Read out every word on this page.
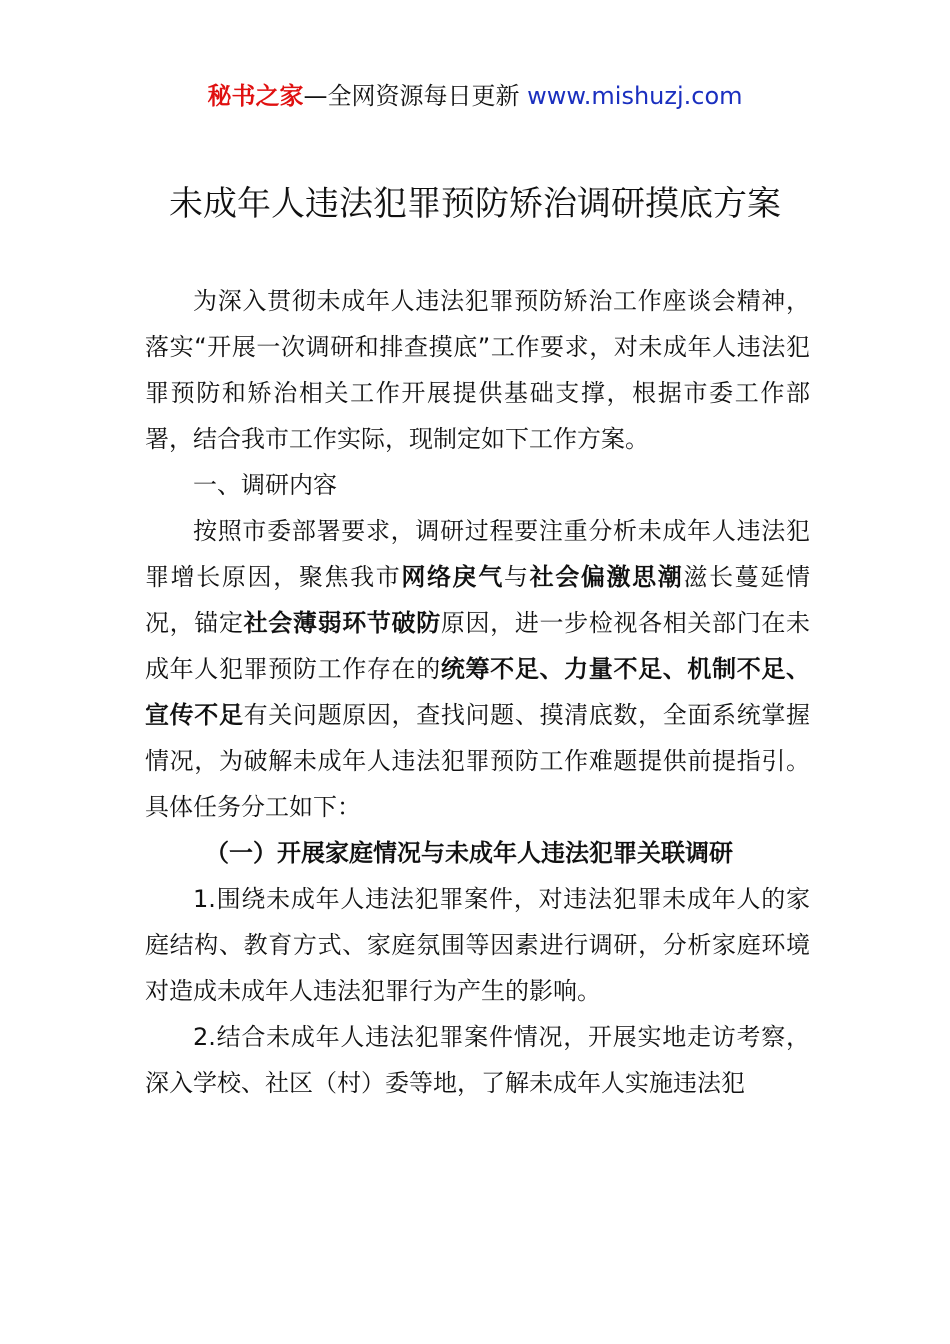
秘书之家—全网资源每日更新 www.mishuzj.com
未成年人违法犯罪预防矫治调研摸底方案

为深入贯彻未成年人违法犯罪预防矫治工作座谈会精神，落实“开展一次调研和排查摸底”工作要求，对未成年人违法犯罪预防和矫治相关工作开展提供基础支撑，根据市委工作部署，结合我市工作实际，现制定如下工作方案。

一、调研内容

按照市委部署要求，调研过程要注重分析未成年人违法犯罪增长原因，聚焦我市网络戾气与社会偏激思潮滋长蔓延情况，锚定社会薄弱环节破防原因，进一步检视各相关部门在未成年人犯罪预防工作存在的统筹不足、力量不足、机制不足、宣传不足有关问题原因，查找问题、摸清底数，全面系统掌握情况，为破解未成年人违法犯罪预防工作难题提供前提指引。具体任务分工如下：

（一）开展家庭情况与未成年人违法犯罪关联调研

1.围绕未成年人违法犯罪案件，对违法犯罪未成年人的家庭结构、教育方式、家庭氛围等因素进行调研，分析家庭环境对造成未成年人违法犯罪行为产生的影响。

2.结合未成年人违法犯罪案件情况，开展实地走访考察，深入学校、社区（村）委等地，了解未成年人实施违法犯
